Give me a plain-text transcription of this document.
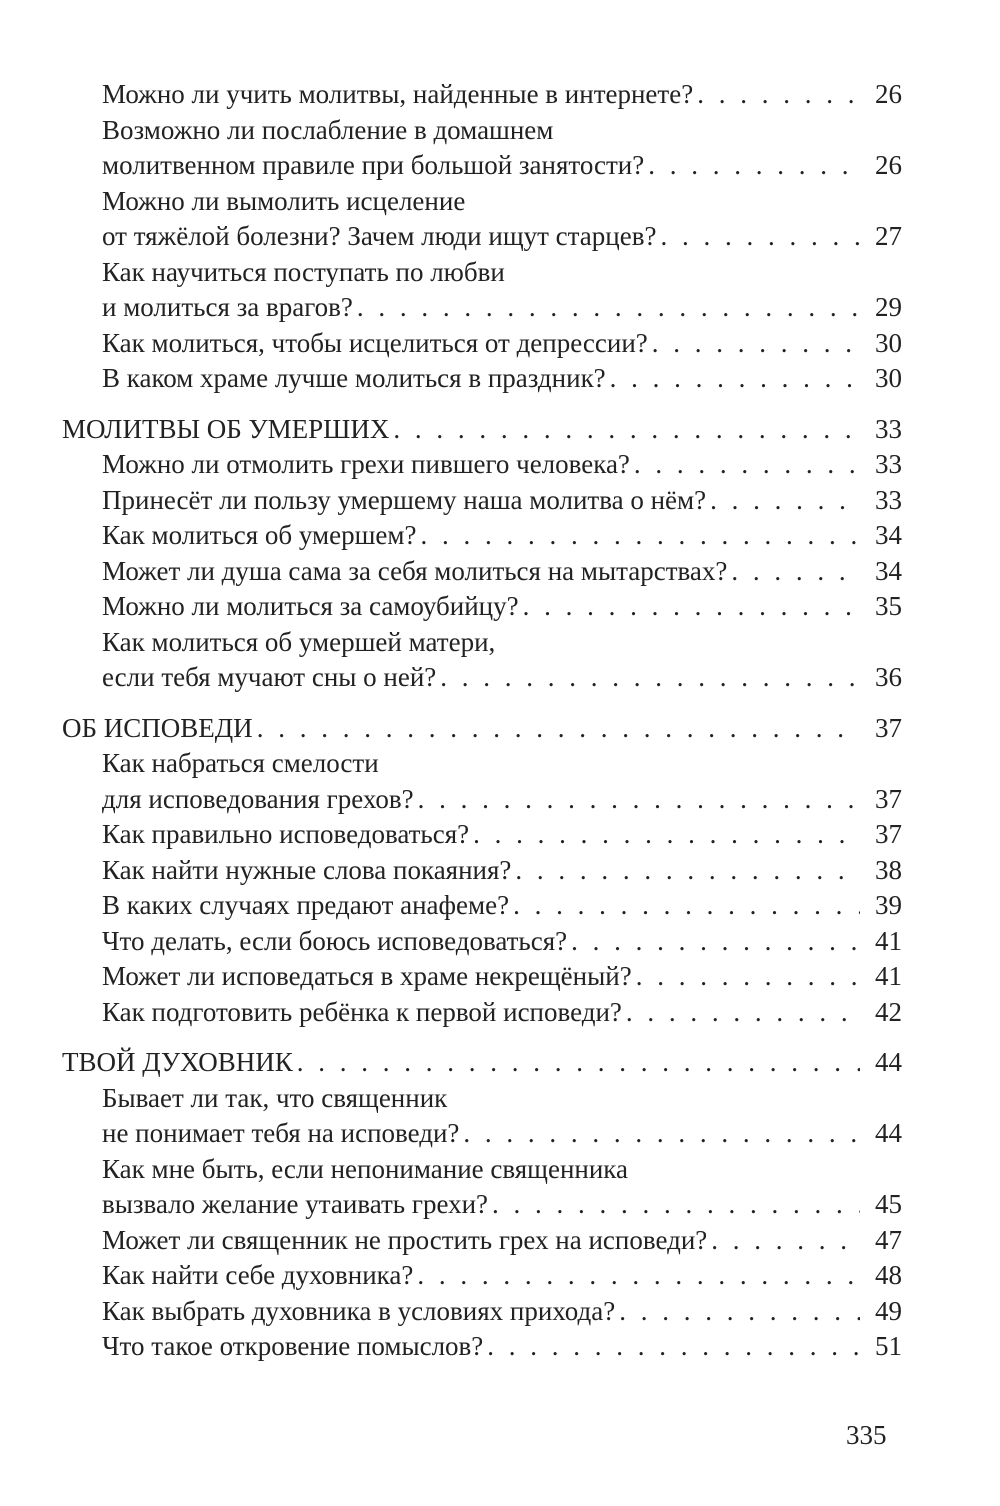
Можно ли учить молитвы, найденные в интернете? . . .	26
Возможно ли послабление в домашнем
молитвенном правиле при большой занятости? . . .	26
Можно ли вымолить исцеление
от тяжёлой болезни? Зачем люди ищут старцев? . . .	27
Как научиться поступать по любви
и молиться за врагов? . . .	29
Как молиться, чтобы исцелиться от депрессии? . . .	30
В каком храме лучше молиться в праздник? . . .	30
МОЛИТВЫ ОБ УМЕРШИХ . . .	33
Можно ли отмолить грехи пившего человека? . . .	33
Принесёт ли пользу умершему наша молитва о нём? . . .	33
Как молиться об умершем? . . .	34
Может ли душа сама за себя молиться на мытарствах? . . .	34
Можно ли молиться за самоубийцу? . . .	35
Как молиться об умершей матери,
если тебя мучают сны о ней? . . .	36
ОБ ИСПОВЕДИ . . .	37
Как набраться смелости
для исповедования грехов? . . .	37
Как правильно исповедоваться? . . .	37
Как найти нужные слова покаяния? . . .	38
В каких случаях предают анафеме? . . .	39
Что делать, если боюсь исповедоваться? . . .	41
Может ли исповедаться в храме некрещёный? . . .	41
Как подготовить ребёнка к первой исповеди? . . .	42
ТВОЙ ДУХОВНИК . . .	44
Бывает ли так, что священник
не понимает тебя на исповеди? . . .	44
Как мне быть, если непонимание священника
вызвало желание утаивать грехи? . . .	45
Может ли священник не простить грех на исповеди? . . .	47
Как найти себе духовника? . . .	48
Как выбрать духовника в условиях прихода? . . .	49
Что такое откровение помыслов? . . .	51
335
